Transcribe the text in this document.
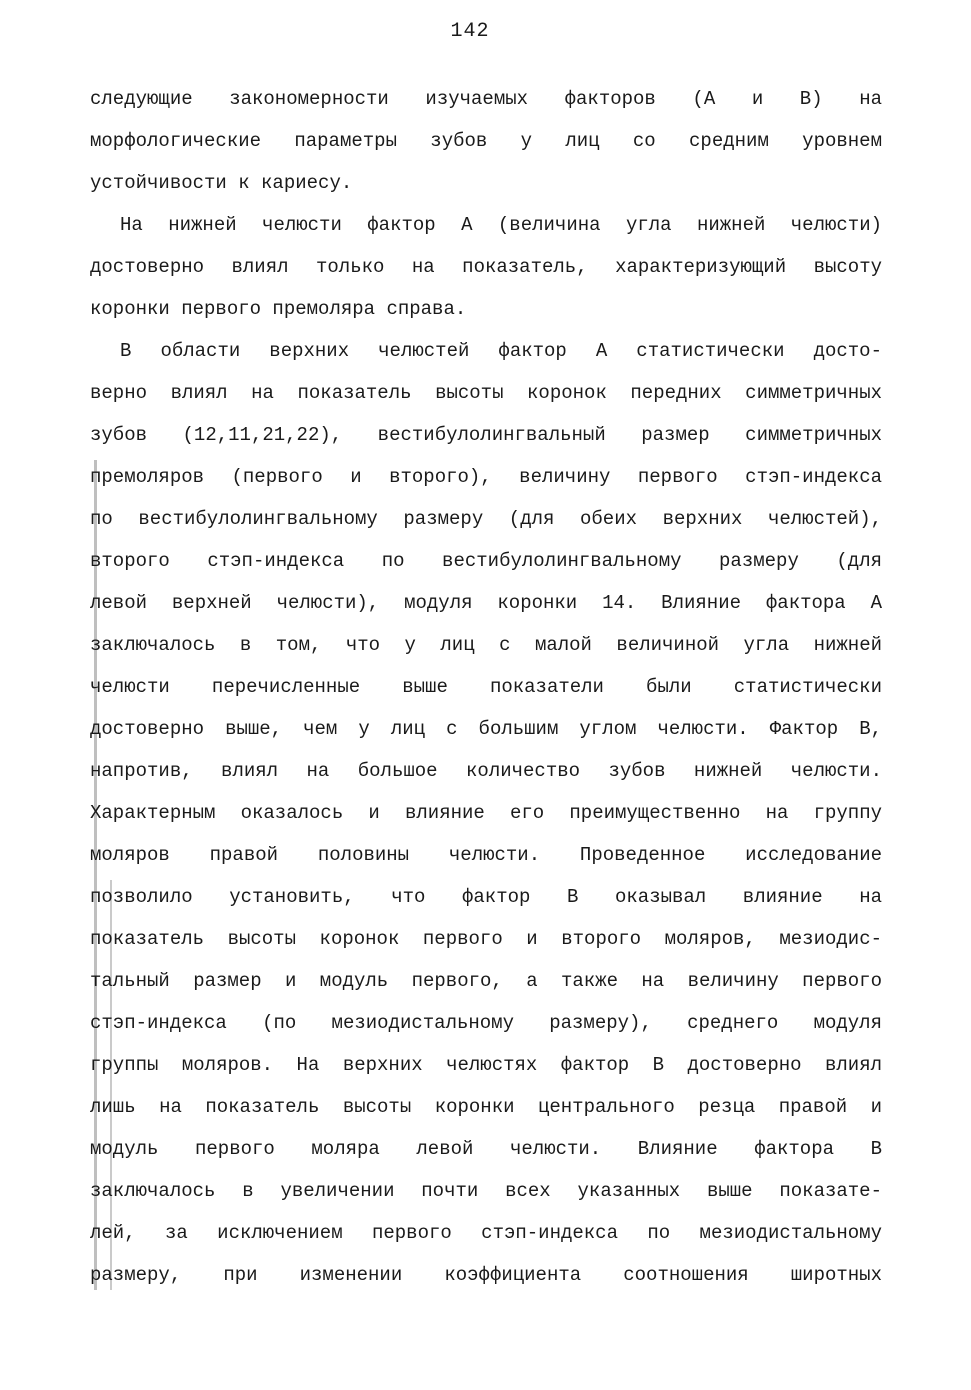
142
следующие закономерности изучаемых факторов (A и B) на
морфологические параметры зубов у лиц со средним уровнем
устойчивости к кариесу.
На нижней челюсти фактор А (величина угла нижней челюсти)
достоверно влиял только на показатель, характеризующий высоту
коронки первого премоляра справа.
В области верхних челюстей фактор А статистически досто-
верно влиял на показатель высоты коронок передних симметричных
зубов (12,11,21,22), вестибулолингвальный размер симметричных
премоляров (первого и второго), величину первого стэп-индекса
по вестибулолингвальному размеру (для обеих верхних челюстей),
второго стэп-индекса по вестибулолингвальному размеру (для
левой верхней челюсти), модуля коронки 14. Влияние фактора А
заключалось в том, что у лиц с малой величиной угла нижней
челюсти перечисленные выше показатели были статистически
достоверно выше, чем у лиц с большим углом челюсти. Фактор В,
напротив, влиял на большое количество зубов нижней челюсти.
Характерным оказалось и влияние его преимущественно на группу
моляров правой половины челюсти. Проведенное исследование
позволило установить, что фактор В оказывал влияние на
показатель высоты коронок первого и второго моляров, мезиодис-
тальный размер и модуль первого, а также на величину первого
стэп-индекса (по мезиодистальному размеру), среднего модуля
группы моляров. На верхних челюстях фактор В достоверно влиял
лишь на показатель высоты коронки центрального резца правой и
модуль первого моляра левой челюсти. Влияние фактора В
заключалось в увеличении почти всех указанных выше показате-
лей, за исключением первого стэп-индекса по мезиодистальному
размеру, при изменении коэффициента соотношения широтных
